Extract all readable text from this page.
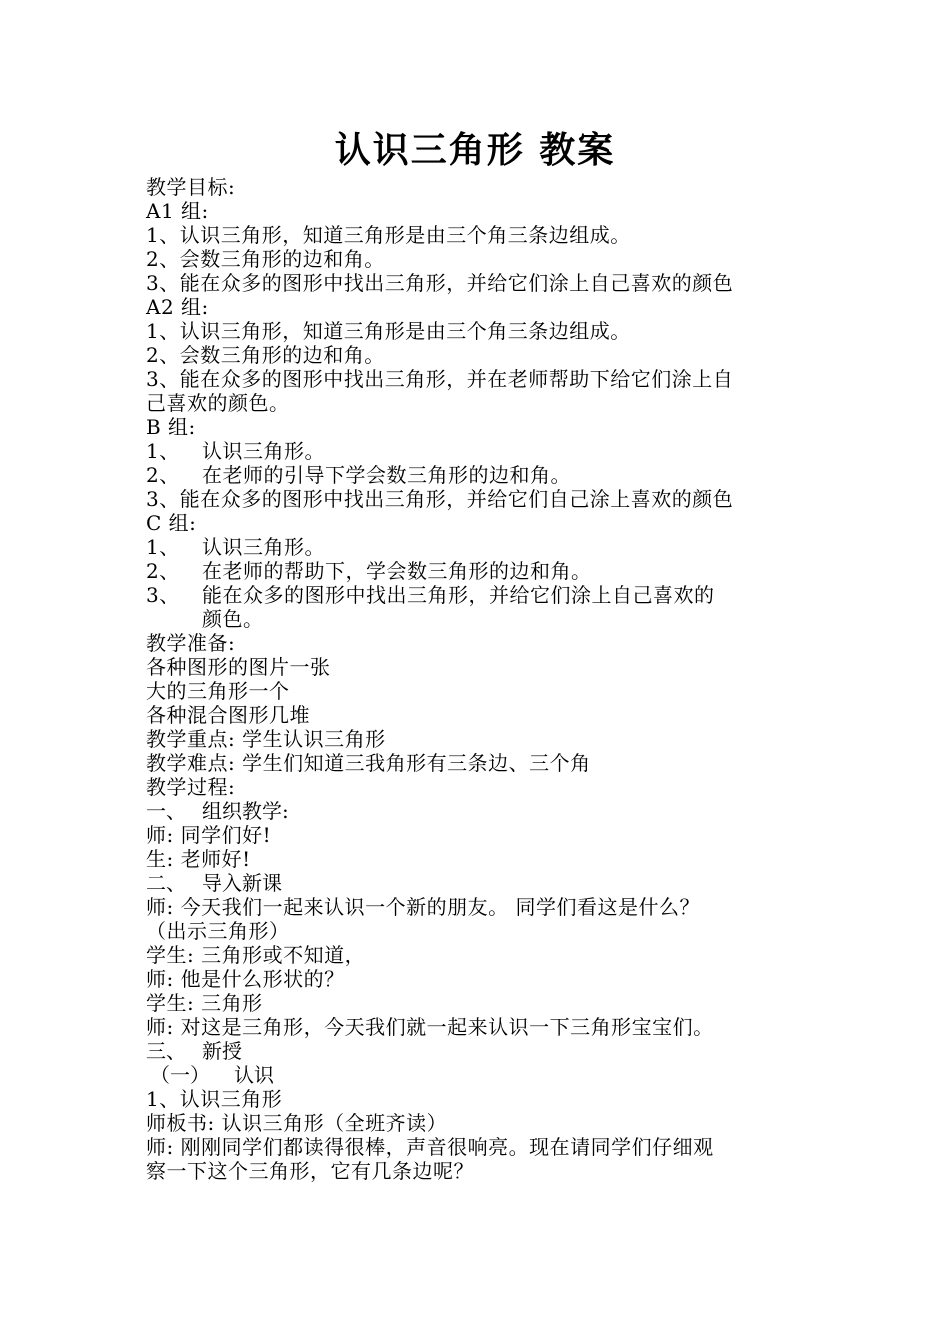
认识三角形 教案
教学目标:
A1 组:
1、认识三角形，知道三角形是由三个角三条边组成。
2、会数三角形的边和角。
3、能在众多的图形中找出三角形，并给它们涂上自己喜欢的颜色
A2 组:
1、认识三角形，知道三角形是由三个角三条边组成。
2、会数三角形的边和角。
3、能在众多的图形中找出三角形，并在老师帮助下给它们涂上自
己喜欢的颜色。
B 组:
1、	认识三角形。
2、	在老师的引导下学会数三角形的边和角。
3、能在众多的图形中找出三角形，并给它们自己涂上喜欢的颜色
C 组:
1、	认识三角形。
2、	在老师的帮助下，学会数三角形的边和角。
3、	能在众多的图形中找出三角形，并给它们涂上自己喜欢的
颜色。
教学准备:
各种图形的图片一张
大的三角形一个
各种混合图形几堆
教学重点: 学生认识三角形
教学难点: 学生们知道三我角形有三条边、三个角
教学过程:
一、 组织教学:
师: 同学们好!
生: 老师好!
二、 导入新课
师: 今天我们一起来认识一个新的朋友。 同学们看这是什么？
（出示三角形）
学生: 三角形或不知道，
师: 他是什么形状的？
学生: 三角形
师: 对这是三角形，今天我们就一起来认识一下三角形宝宝们。
三、 新授
（一） 认识
1、认识三角形
师板书: 认识三角形（全班齐读）
师: 刚刚同学们都读得很棒，声音很响亮。现在请同学们仔细观
察一下这个三角形，它有几条边呢？
